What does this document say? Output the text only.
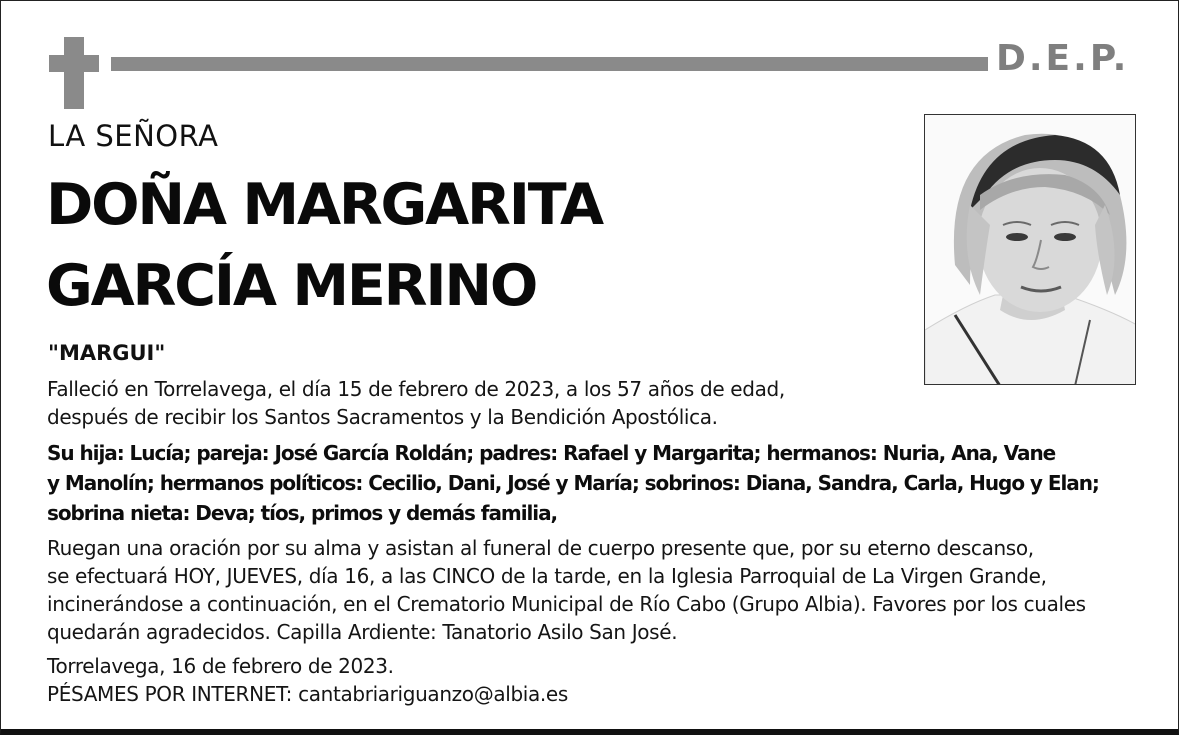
D.E.P.
LA SEÑORA
DOÑA MARGARITA
GARCÍA MERINO
"MARGUI"
Falleció en Torrelavega, el día 15 de febrero de 2023, a los 57 años de edad,
después de recibir los Santos Sacramentos y la Bendición Apostólica.
Su hija: Lucía; pareja: José García Roldán; padres: Rafael y Margarita; hermanos: Nuria, Ana, Vane
y Manolín; hermanos políticos: Cecilio, Dani, José y María; sobrinos: Diana, Sandra, Carla, Hugo y Elan;
sobrina nieta: Deva; tíos, primos y demás familia,
Ruegan una oración por su alma y asistan al funeral de cuerpo presente que, por su eterno descanso,
se efectuará HOY, JUEVES, día 16, a las CINCO de la tarde, en la Iglesia Parroquial de La Virgen Grande,
incinerándose a continuación, en el Crematorio Municipal de Río Cabo (Grupo Albia). Favores por los cuales
quedarán agradecidos. Capilla Ardiente: Tanatorio Asilo San José.
Torrelavega, 16 de febrero de 2023.
PÉSAMES POR INTERNET: cantabriariguanzo@albia.es
